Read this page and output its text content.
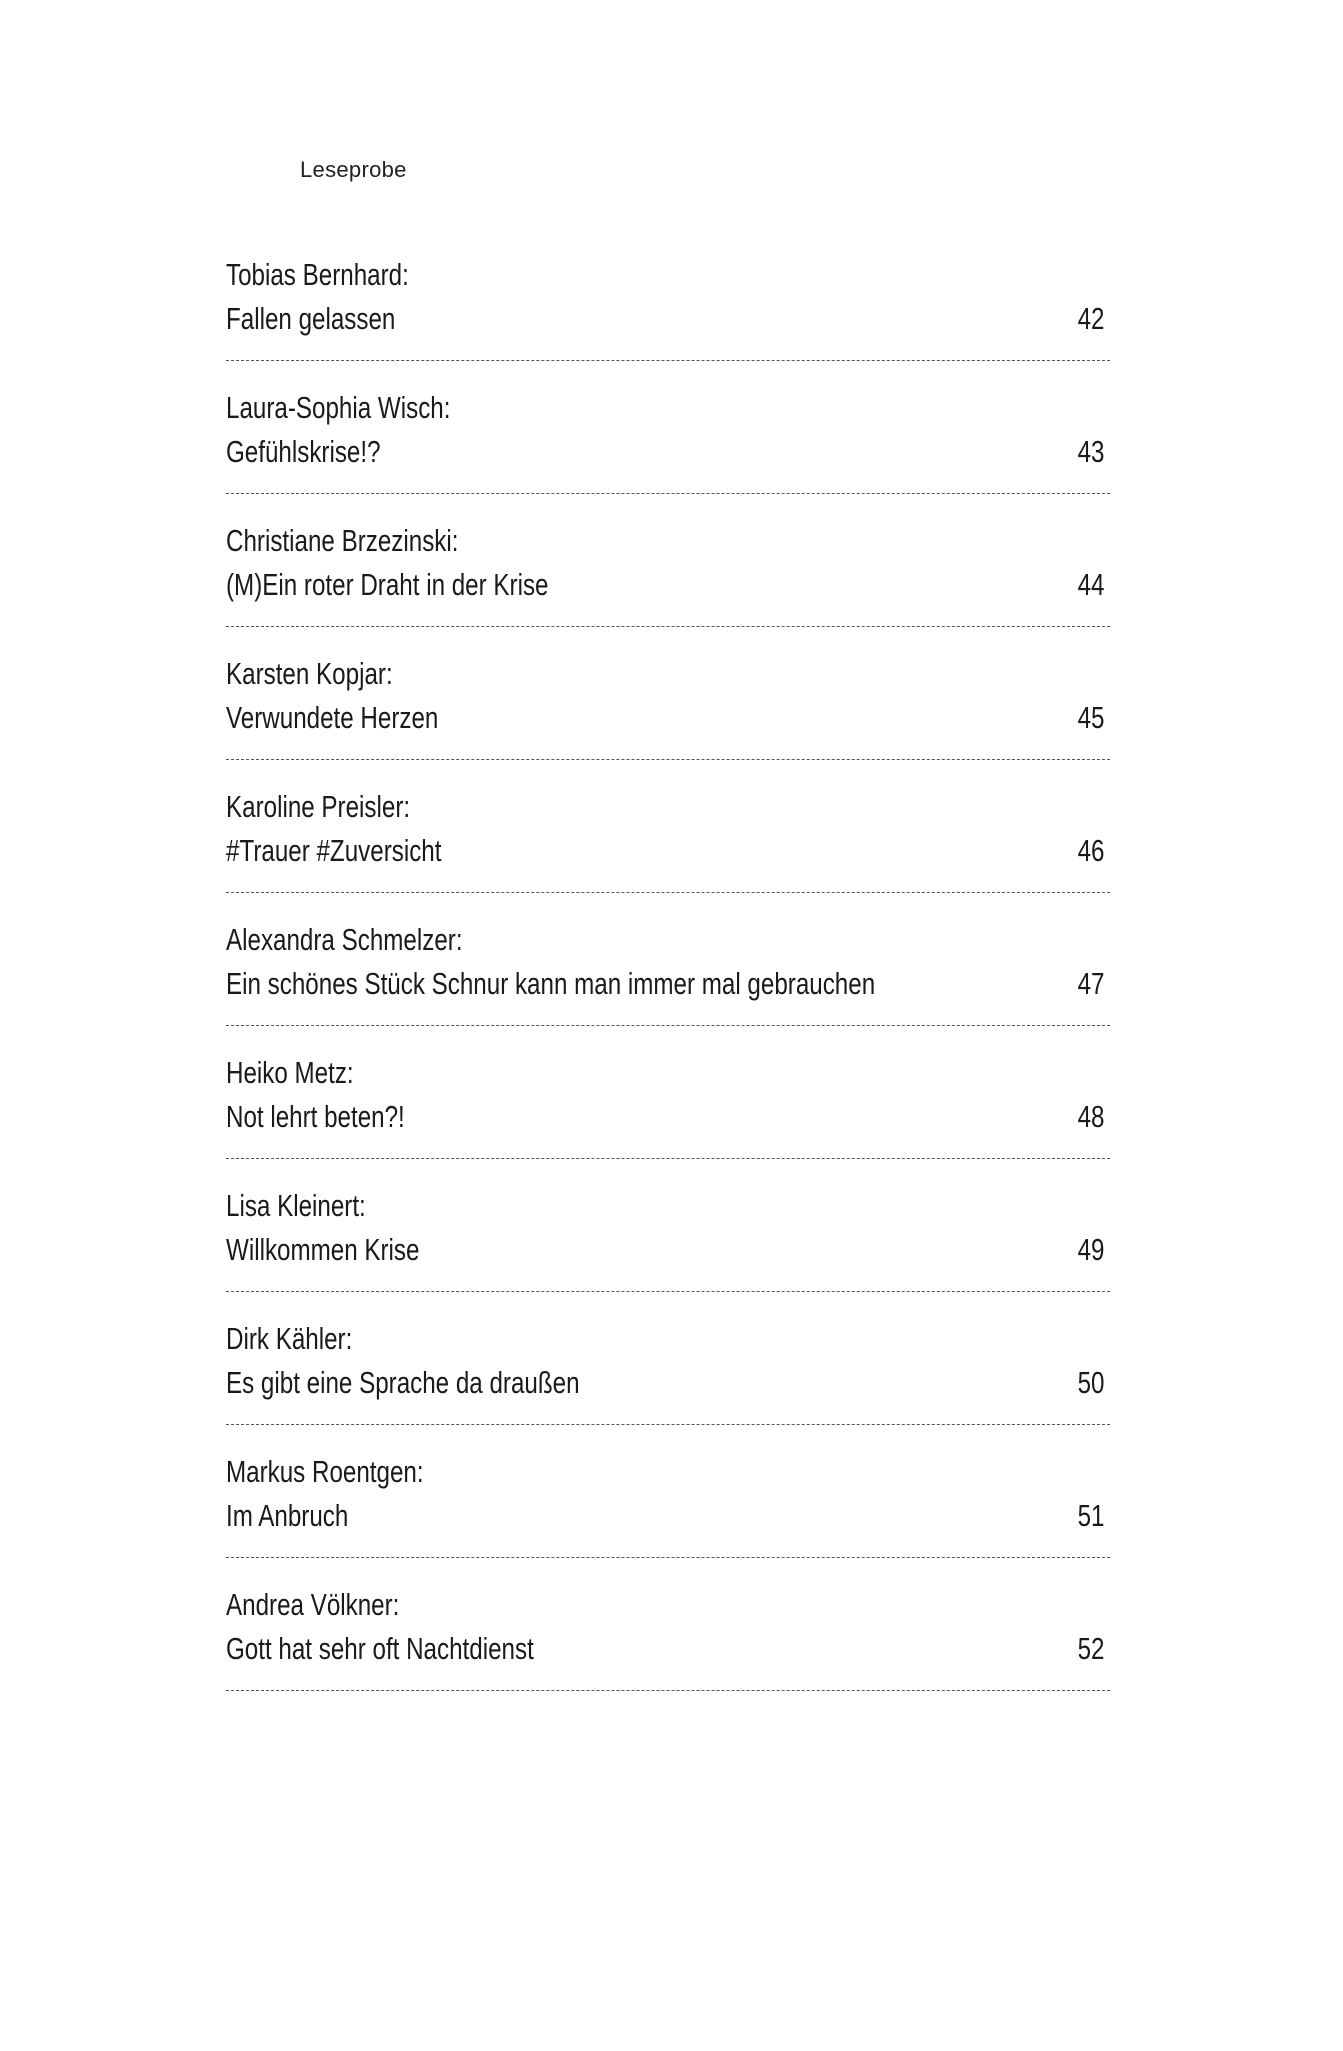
Leseprobe
Tobias Bernhard:
Fallen gelassen	42
Laura-Sophia Wisch:
Gefühlskrise!?	43
Christiane Brzezinski:
(M)Ein roter Draht in der Krise	44
Karsten Kopjar:
Verwundete Herzen	45
Karoline Preisler:
#Trauer #Zuversicht	46
Alexandra Schmelzer:
Ein schönes Stück Schnur kann man immer mal gebrauchen	47
Heiko Metz:
Not lehrt beten?!	48
Lisa Kleinert:
Willkommen Krise	49
Dirk Kähler:
Es gibt eine Sprache da draußen	50
Markus Roentgen:
Im Anbruch	51
Andrea Völkner:
Gott hat sehr oft Nachtdienst	52
